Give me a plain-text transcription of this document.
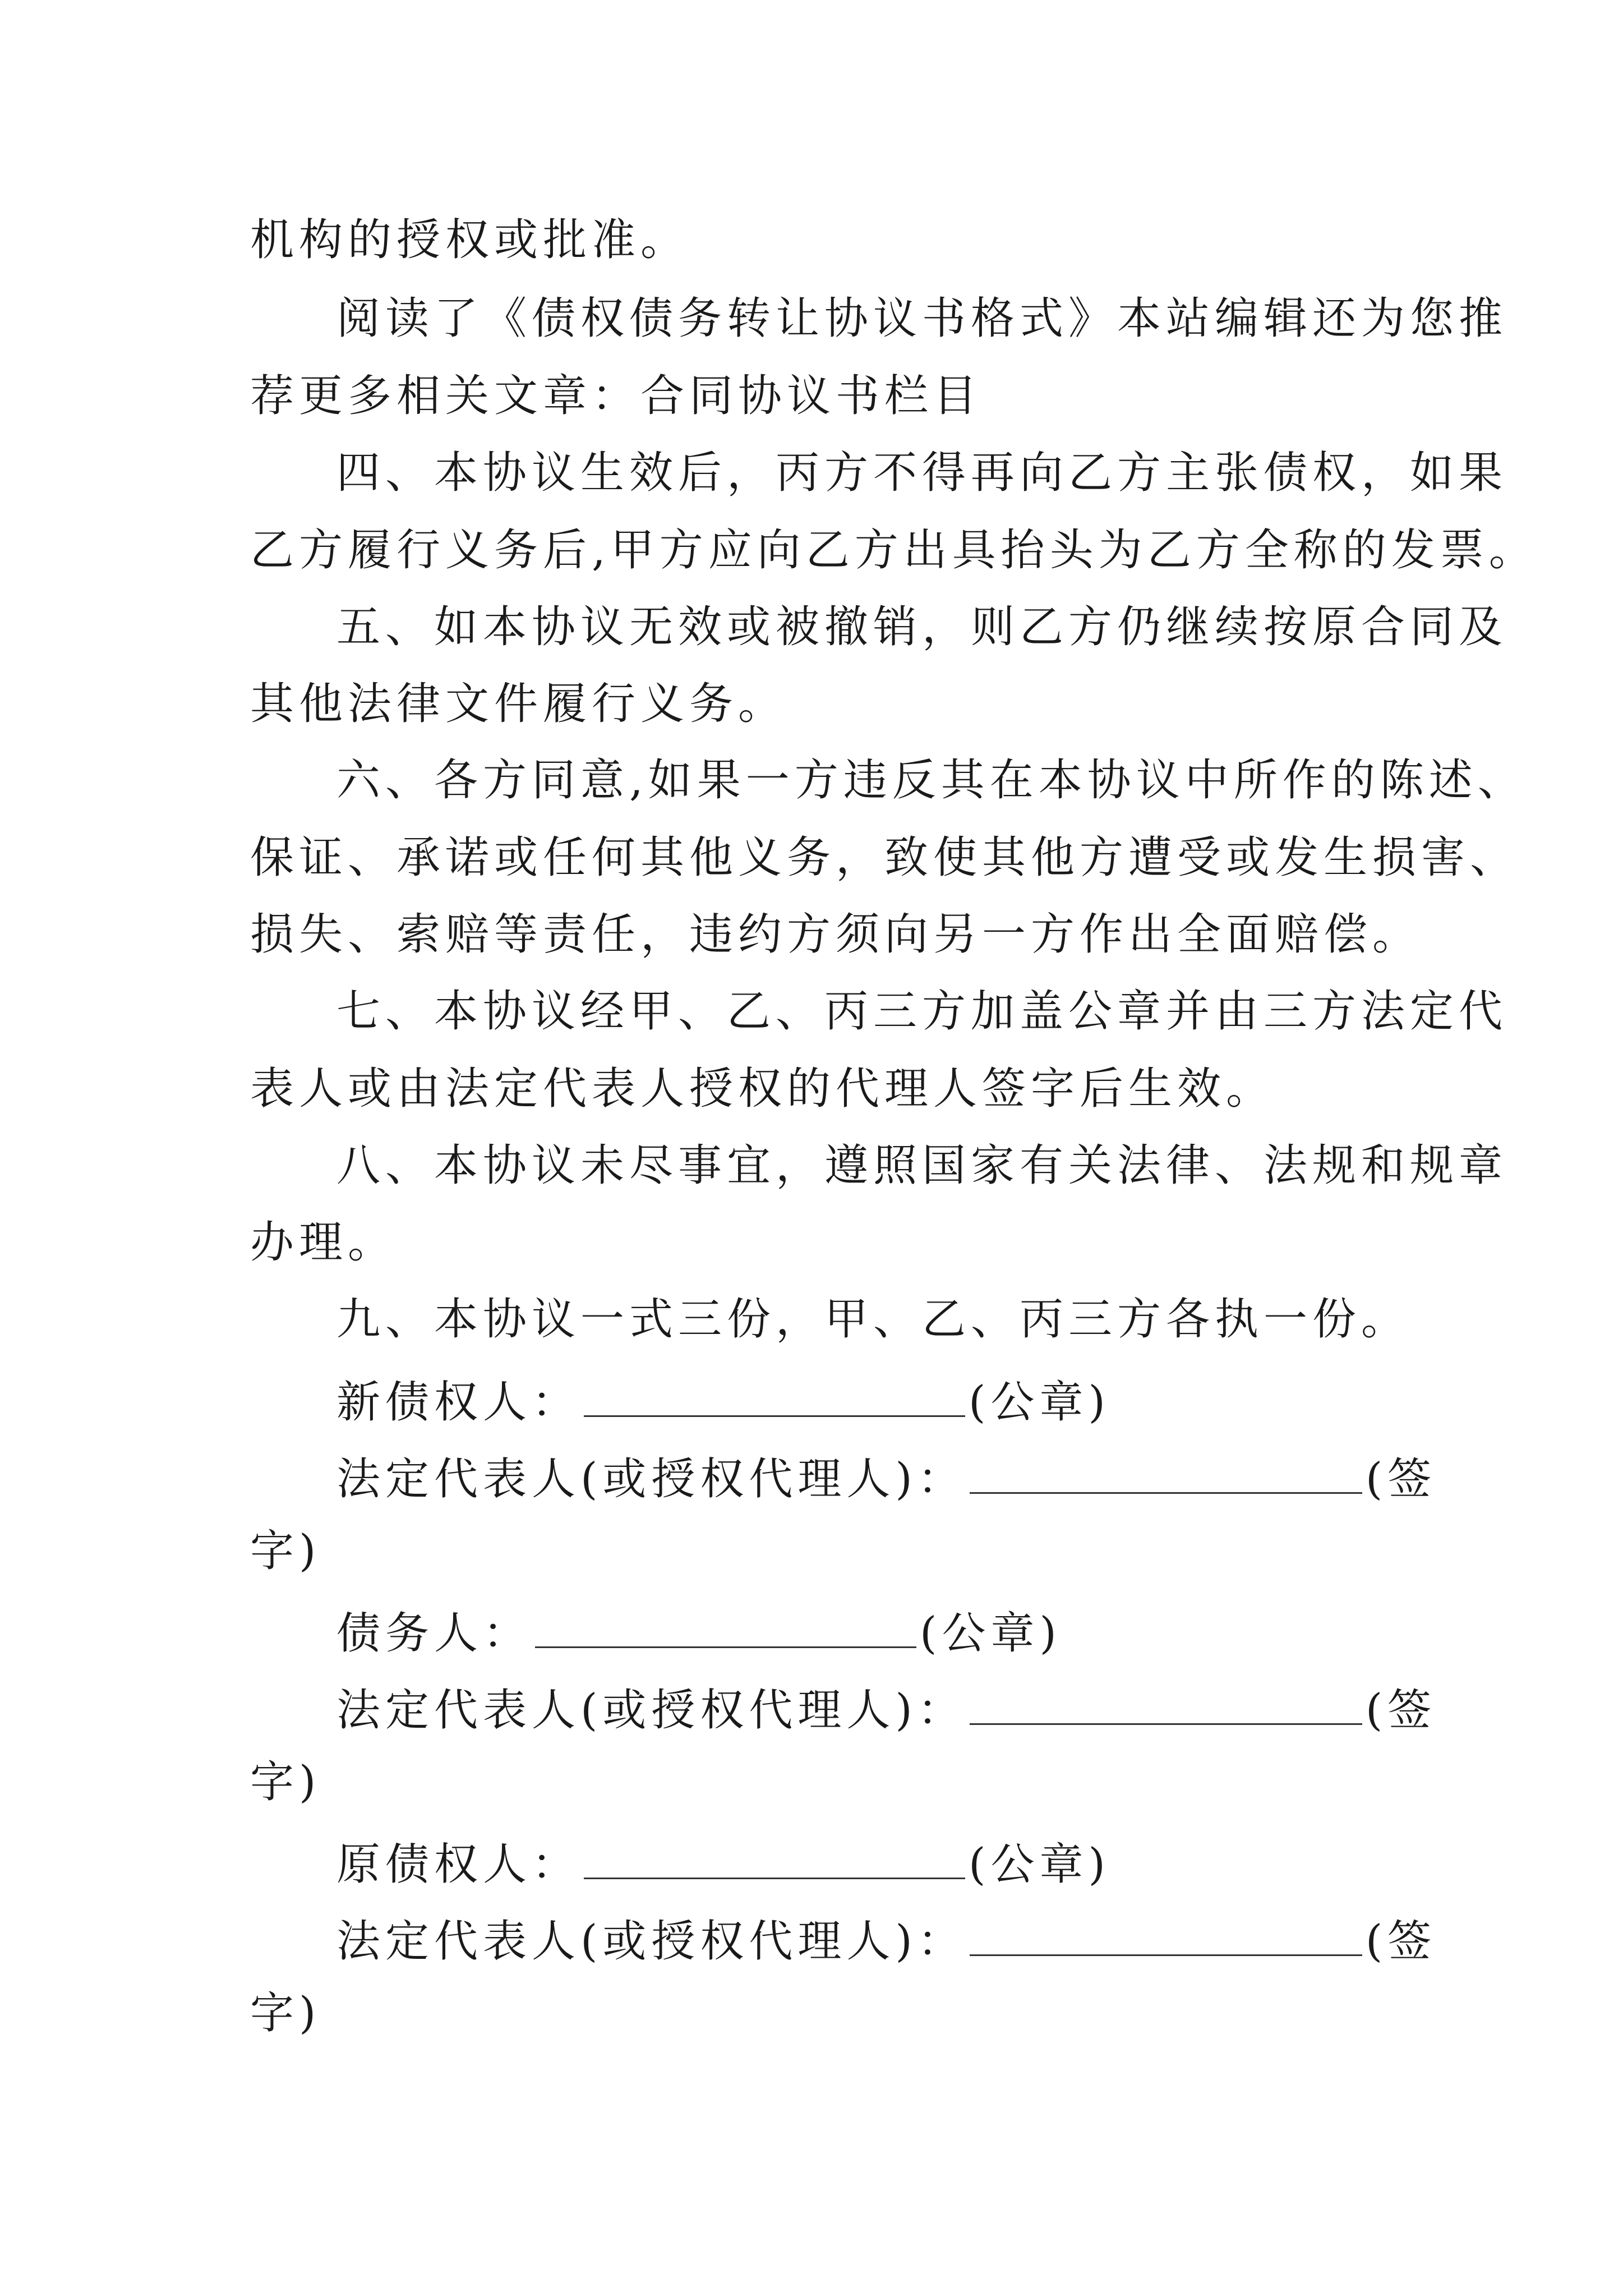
机构的授权或批准。

阅读了《债权债务转让协议书格式》本站编辑还为您推

荐更多相关文章：合同协议书栏目

四、本协议生效后，丙方不得再向乙方主张债权，如果

乙方履行义务后,甲方应向乙方出具抬头为乙方全称的发票。

五、如本协议无效或被撤销，则乙方仍继续按原合同及

其他法律文件履行义务。

六、各方同意,如果一方违反其在本协议中所作的陈述、

保证、承诺或任何其他义务，致使其他方遭受或发生损害、

损失、索赔等责任，违约方须向另一方作出全面赔偿。

七、本协议经甲、乙、丙三方加盖公章并由三方法定代

表人或由法定代表人授权的代理人签字后生效。

八、本协议未尽事宜，遵照国家有关法律、法规和规章

办理。

九、本协议一式三份，甲、乙、丙三方各执一份。

新债权人：	(公章)

法定代表人(或授权代理人)：	(签

字)

债务人：	(公章)

法定代表人(或授权代理人)：	(签

字)

原债权人：	(公章)

法定代表人(或授权代理人)：	(签

字)
